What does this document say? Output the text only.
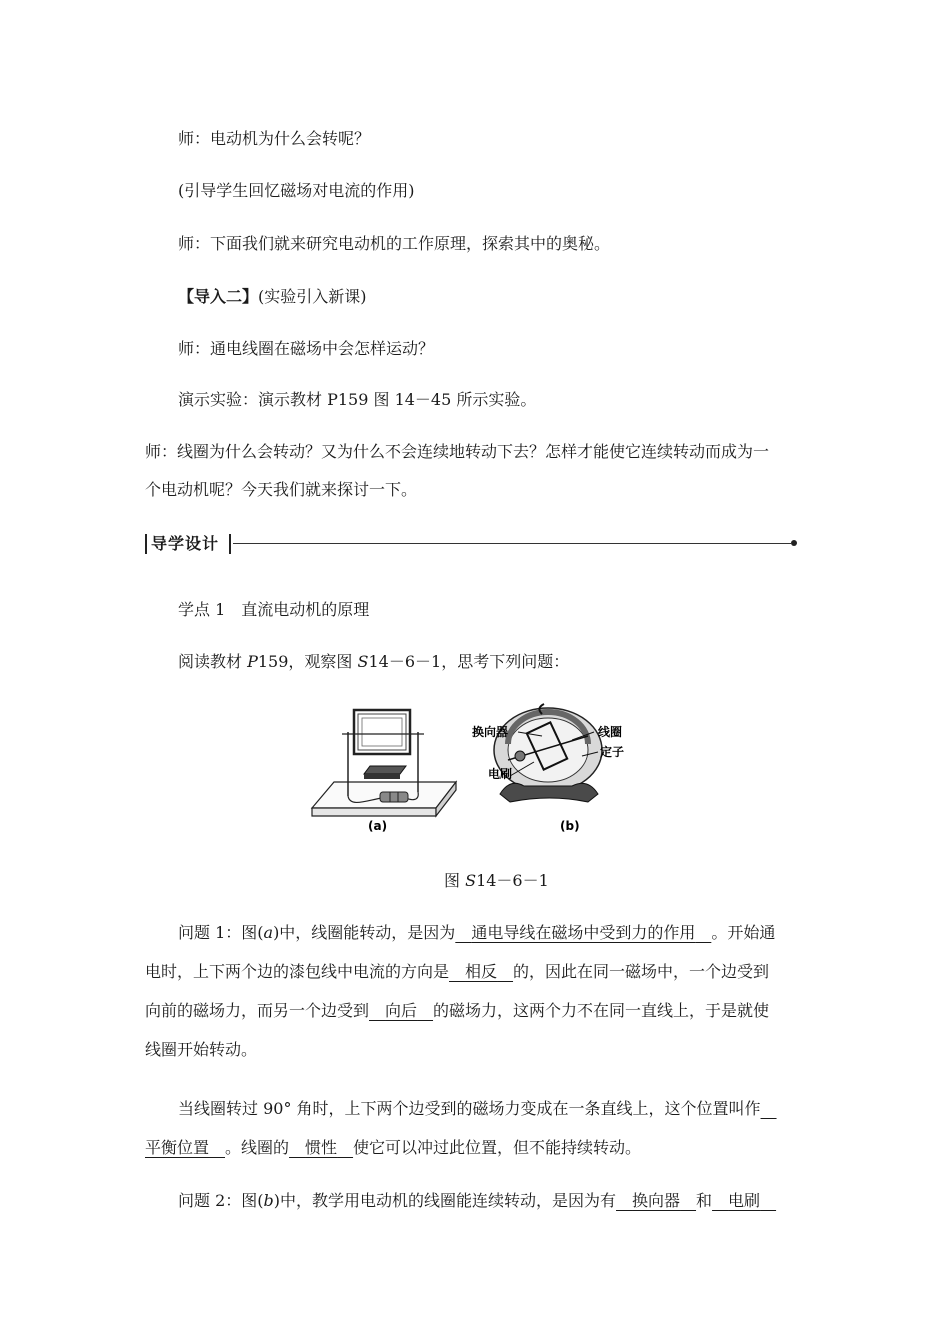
师：电动机为什么会转呢？
(引导学生回忆磁场对电流的作用)
师：下面我们就来研究电动机的工作原理，探索其中的奥秘。
【导入二】(实验引入新课)
师：通电线圈在磁场中会怎样运动？
演示实验：演示教材 P159 图 14－45 所示实验。
师：线圈为什么会转动？又为什么不会连续地转动下去？怎样才能使它连续转动而成为一
个电动机呢？今天我们就来探讨一下。
导学设计
学点 1　直流电动机的原理
阅读教材 P159，观察图 S14－6－1，思考下列问题：
换向器
电刷
线圈
定子
(a)	(b)
图 S14－6－1
问题 1：图(a)中，线圈能转动，是因为  通电导线在磁场中受到力的作用  。开始通
电时，上下两个边的漆包线中电流的方向是  相反  的，因此在同一磁场中，一个边受到
向前的磁场力，而另一个边受到  向后  的磁场力，这两个力不在同一直线上，于是就使
线圈开始转动。
当线圈转过 90° 角时，上下两个边受到的磁场力变成在一条直线上，这个位置叫作  
平衡位置  。线圈的  惯性  使它可以冲过此位置，但不能持续转动。
问题 2：图(b)中，教学用电动机的线圈能连续转动，是因为有  换向器  和  电刷 
